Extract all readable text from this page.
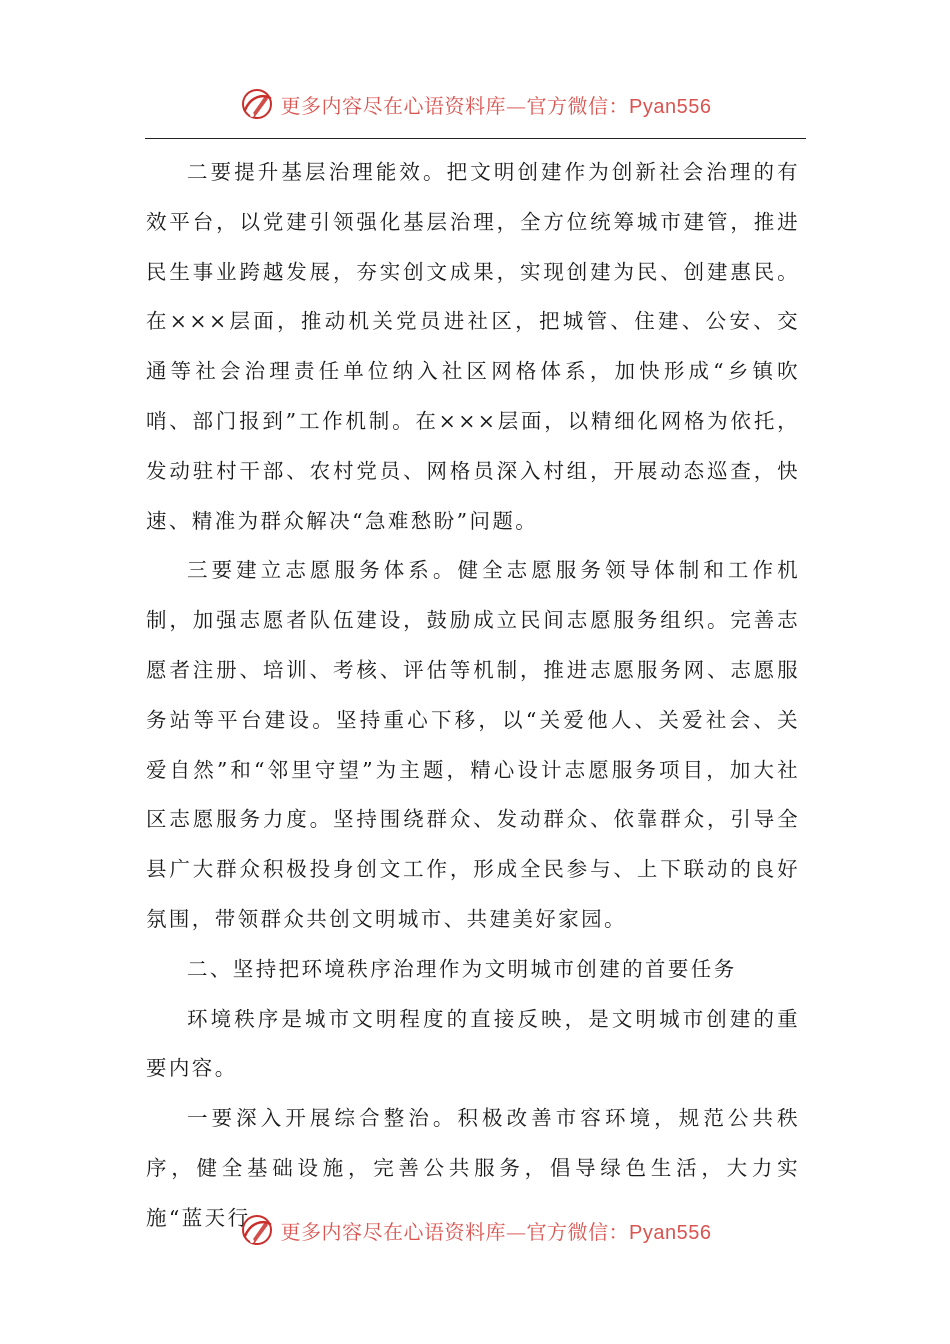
更多内容尽在心语资料库—官方微信：Pyan556

二要提升基层治理能效。把文明创建作为创新社会治理的有效平台，以党建引领强化基层治理，全方位统筹城市建管，推进民生事业跨越发展，夯实创文成果，实现创建为民、创建惠民。在×××层面，推动机关党员进社区，把城管、住建、公安、交通等社会治理责任单位纳入社区网格体系，加快形成“乡镇吹哨、部门报到”工作机制。在×××层面，以精细化网格为依托，发动驻村干部、农村党员、网格员深入村组，开展动态巡查，快速、精准为群众解决“急难愁盼”问题。

三要建立志愿服务体系。健全志愿服务领导体制和工作机制，加强志愿者队伍建设，鼓励成立民间志愿服务组织。完善志愿者注册、培训、考核、评估等机制，推进志愿服务网、志愿服务站等平台建设。坚持重心下移，以“关爱他人、关爱社会、关爱自然”和“邻里守望”为主题，精心设计志愿服务项目，加大社区志愿服务力度。坚持围绕群众、发动群众、依靠群众，引导全县广大群众积极投身创文工作，形成全民参与、上下联动的良好氛围，带领群众共创文明城市、共建美好家园。

二、坚持把环境秩序治理作为文明城市创建的首要任务

环境秩序是城市文明程度的直接反映，是文明城市创建的重要内容。

一要深入开展综合整治。积极改善市容环境，规范公共秩序，健全基础设施，完善公共服务，倡导绿色生活，大力实施“蓝天行

更多内容尽在心语资料库—官方微信：Pyan556
